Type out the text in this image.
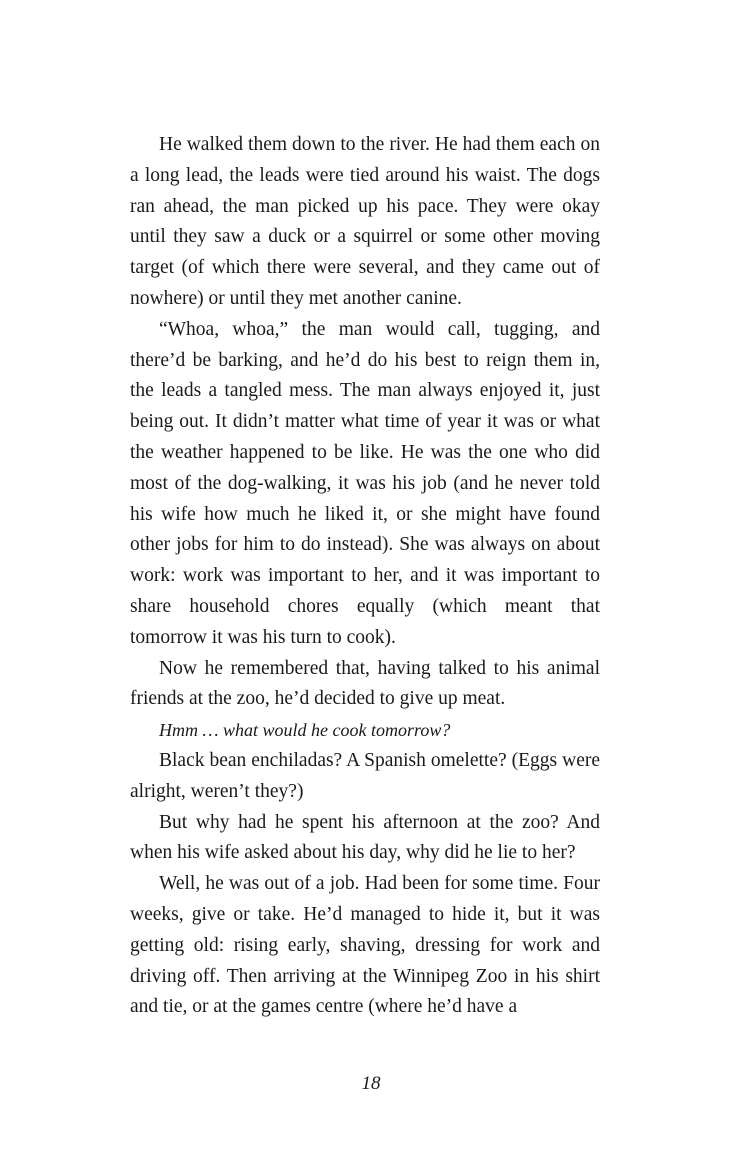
He walked them down to the river. He had them each on a long lead, the leads were tied around his waist. The dogs ran ahead, the man picked up his pace. They were okay until they saw a duck or a squirrel or some other moving target (of which there were several, and they came out of nowhere) or until they met another canine.

“Whoa, whoa,” the man would call, tugging, and there’d be barking, and he’d do his best to reign them in, the leads a tangled mess. The man always enjoyed it, just being out. It didn’t matter what time of year it was or what the weather happened to be like. He was the one who did most of the dog-walking, it was his job (and he never told his wife how much he liked it, or she might have found other jobs for him to do instead). She was always on about work: work was important to her, and it was important to share household chores equally (which meant that tomorrow it was his turn to cook).

Now he remembered that, having talked to his animal friends at the zoo, he’d decided to give up meat.

Hmm … what would he cook tomorrow?

Black bean enchiladas? A Spanish omelette? (Eggs were alright, weren’t they?)

But why had he spent his afternoon at the zoo? And when his wife asked about his day, why did he lie to her?

Well, he was out of a job. Had been for some time. Four weeks, give or take. He’d managed to hide it, but it was getting old: rising early, shaving, dressing for work and driving off. Then arriving at the Winnipeg Zoo in his shirt and tie, or at the games centre (where he’d have a

18
